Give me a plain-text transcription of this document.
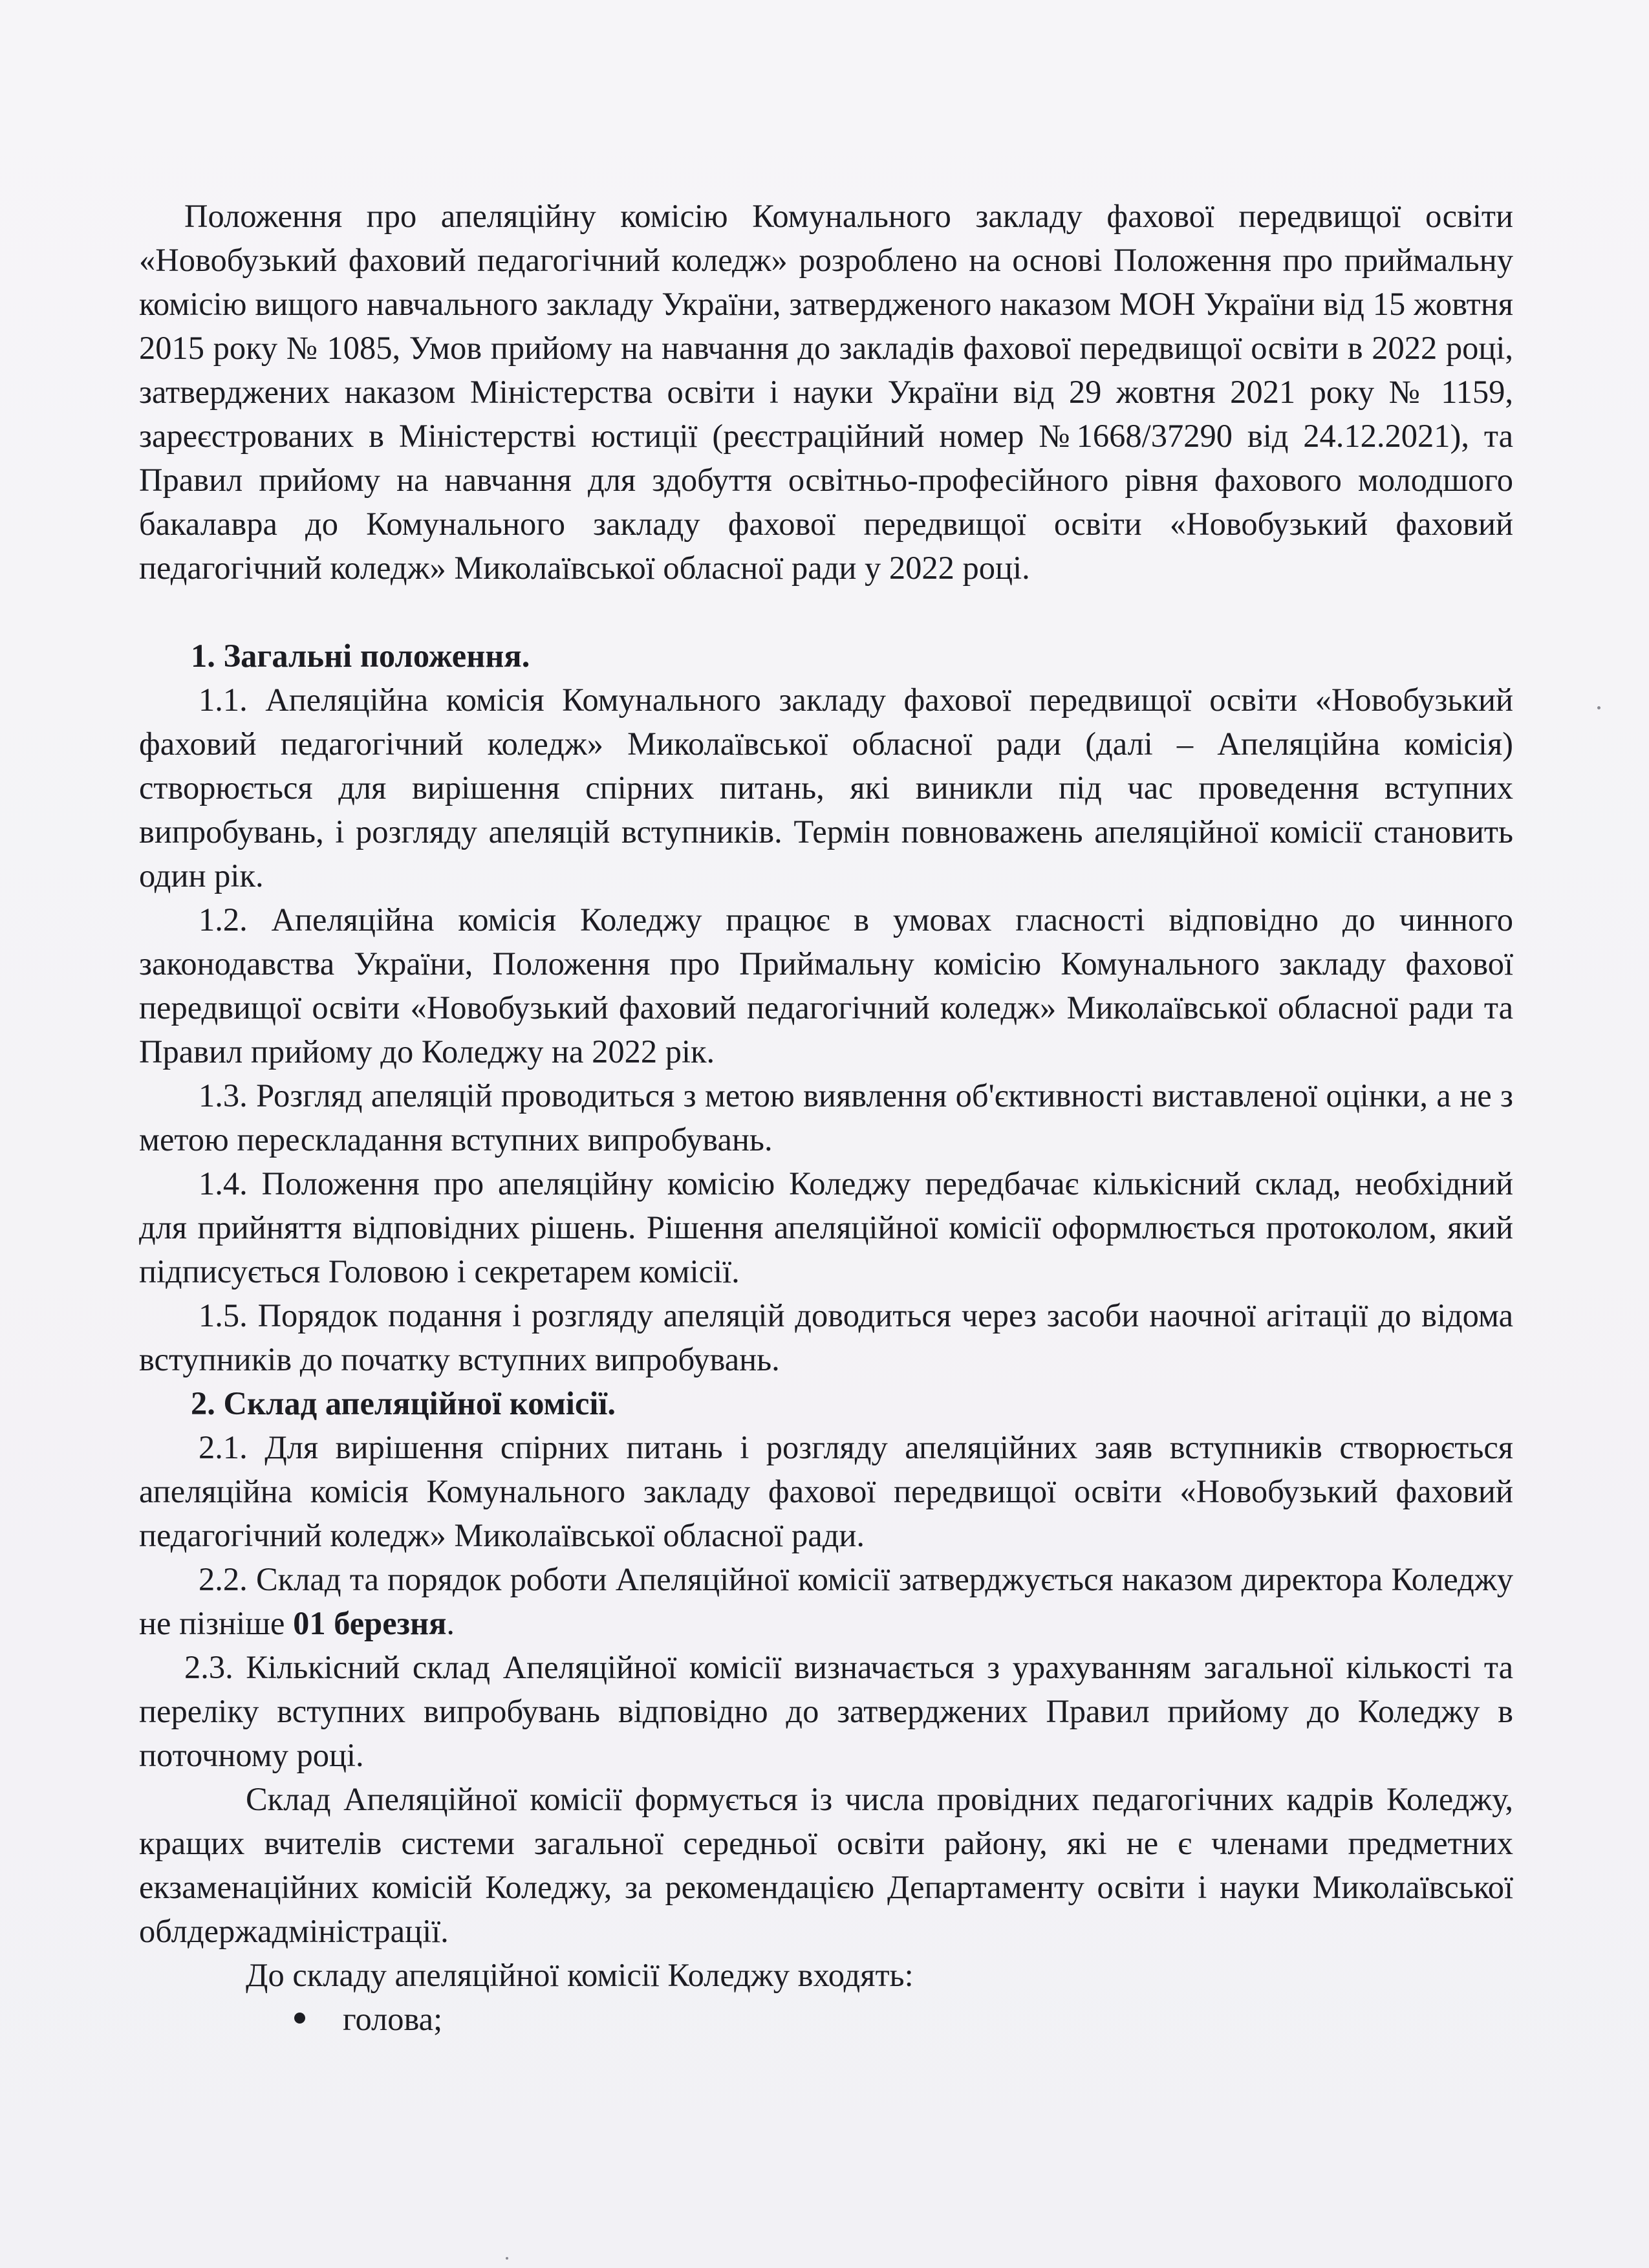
Положення про апеляційну комісію Комунального закладу фахової передвищої освіти «Новобузький фаховий педагогічний коледж» розроблено на основі Положення про приймальну комісію вищого навчального закладу України, затвердженого наказом МОН України від 15 жовтня 2015 року № 1085, Умов прийому на навчання до закладів фахової передвищої освіти в 2022 році, затверджених наказом Міністерства освіти і науки України від 29 жовтня 2021 року № 1159, зареєстрованих в Міністерстві юстиції (реєстраційний номер №1668/37290 від 24.12.2021), та Правил прийому на навчання для здобуття освітньо-професійного рівня фахового молодшого бакалавра до Комунального закладу фахової передвищої освіти «Новобузький фаховий педагогічний коледж» Миколаївської обласної ради у 2022 році.

1. Загальні положення.

1.1. Апеляційна комісія Комунального закладу фахової передвищої освіти «Новобузький фаховий педагогічний коледж» Миколаївської обласної ради (далі – Апеляційна комісія) створюється для вирішення спірних питань, які виникли під час проведення вступних випробувань, і розгляду апеляцій вступників. Термін повноважень апеляційної комісії становить один рік.

1.2. Апеляційна комісія Коледжу працює в умовах гласності відповідно до чинного законодавства України, Положення про Приймальну комісію Комунального закладу фахової передвищої освіти «Новобузький фаховий педагогічний коледж» Миколаївської обласної ради та Правил прийому до Коледжу на 2022 рік.

1.3. Розгляд апеляцій проводиться з метою виявлення об'єктивності виставленої оцінки, а не з метою перескладання вступних випробувань.

1.4. Положення про апеляційну комісію Коледжу передбачає кількісний склад, необхідний для прийняття відповідних рішень. Рішення апеляційної комісії оформлюється протоколом, який підписується Головою і секретарем комісії.

1.5. Порядок подання і розгляду апеляцій доводиться через засоби наочної агітації до відома вступників до початку вступних випробувань.

2. Склад апеляційної комісії.

2.1. Для вирішення спірних питань і розгляду апеляційних заяв вступників створюється апеляційна комісія Комунального закладу фахової передвищої освіти «Новобузький фаховий педагогічний коледж» Миколаївської обласної ради.

2.2. Склад та порядок роботи Апеляційної комісії затверджується наказом директора Коледжу не пізніше 01 березня.

2.3. Кількісний склад Апеляційної комісії визначається з урахуванням загальної кількості та переліку вступних випробувань відповідно до затверджених Правил прийому до Коледжу в поточному році.

Склад Апеляційної комісії формується із числа провідних педагогічних кадрів Коледжу, кращих вчителів системи загальної середньої освіти району, які не є членами предметних екзаменаційних комісій Коледжу, за рекомендацією Департаменту освіти і науки Миколаївської облдержадміністрації.

До складу апеляційної комісії Коледжу входять:

голова;
